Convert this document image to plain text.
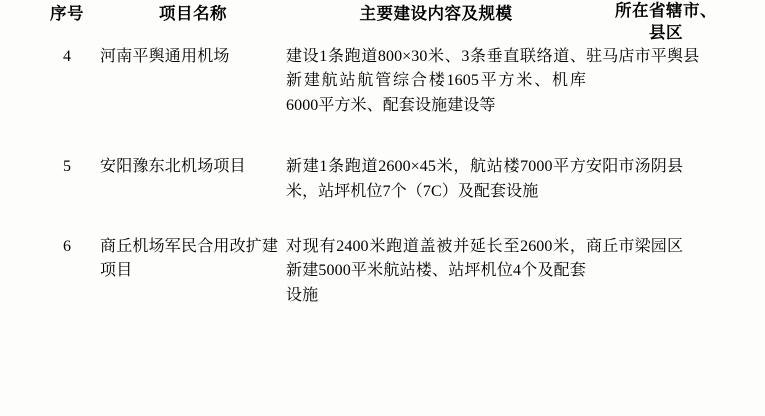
序号	项目名称	主要建设内容及规模	所在省辖市、
县区

4	河南平舆通用机场	建设1条跑道800×30米、3条垂直联络道、新建航站航管综合楼1605平方米、机库6000平方米、配套设施建设等	驻马店市平舆县

5	安阳豫东北机场项目	新建1条跑道2600×45米，航站楼7000平方米，站坪机位7个（7C）及配套设施	安阳市汤阴县

6	商丘机场军民合用改扩建项目	对现有2400米跑道盖被并延长至2600米，新建5000平米航站楼、站坪机位4个及配套设施	商丘市梁园区
